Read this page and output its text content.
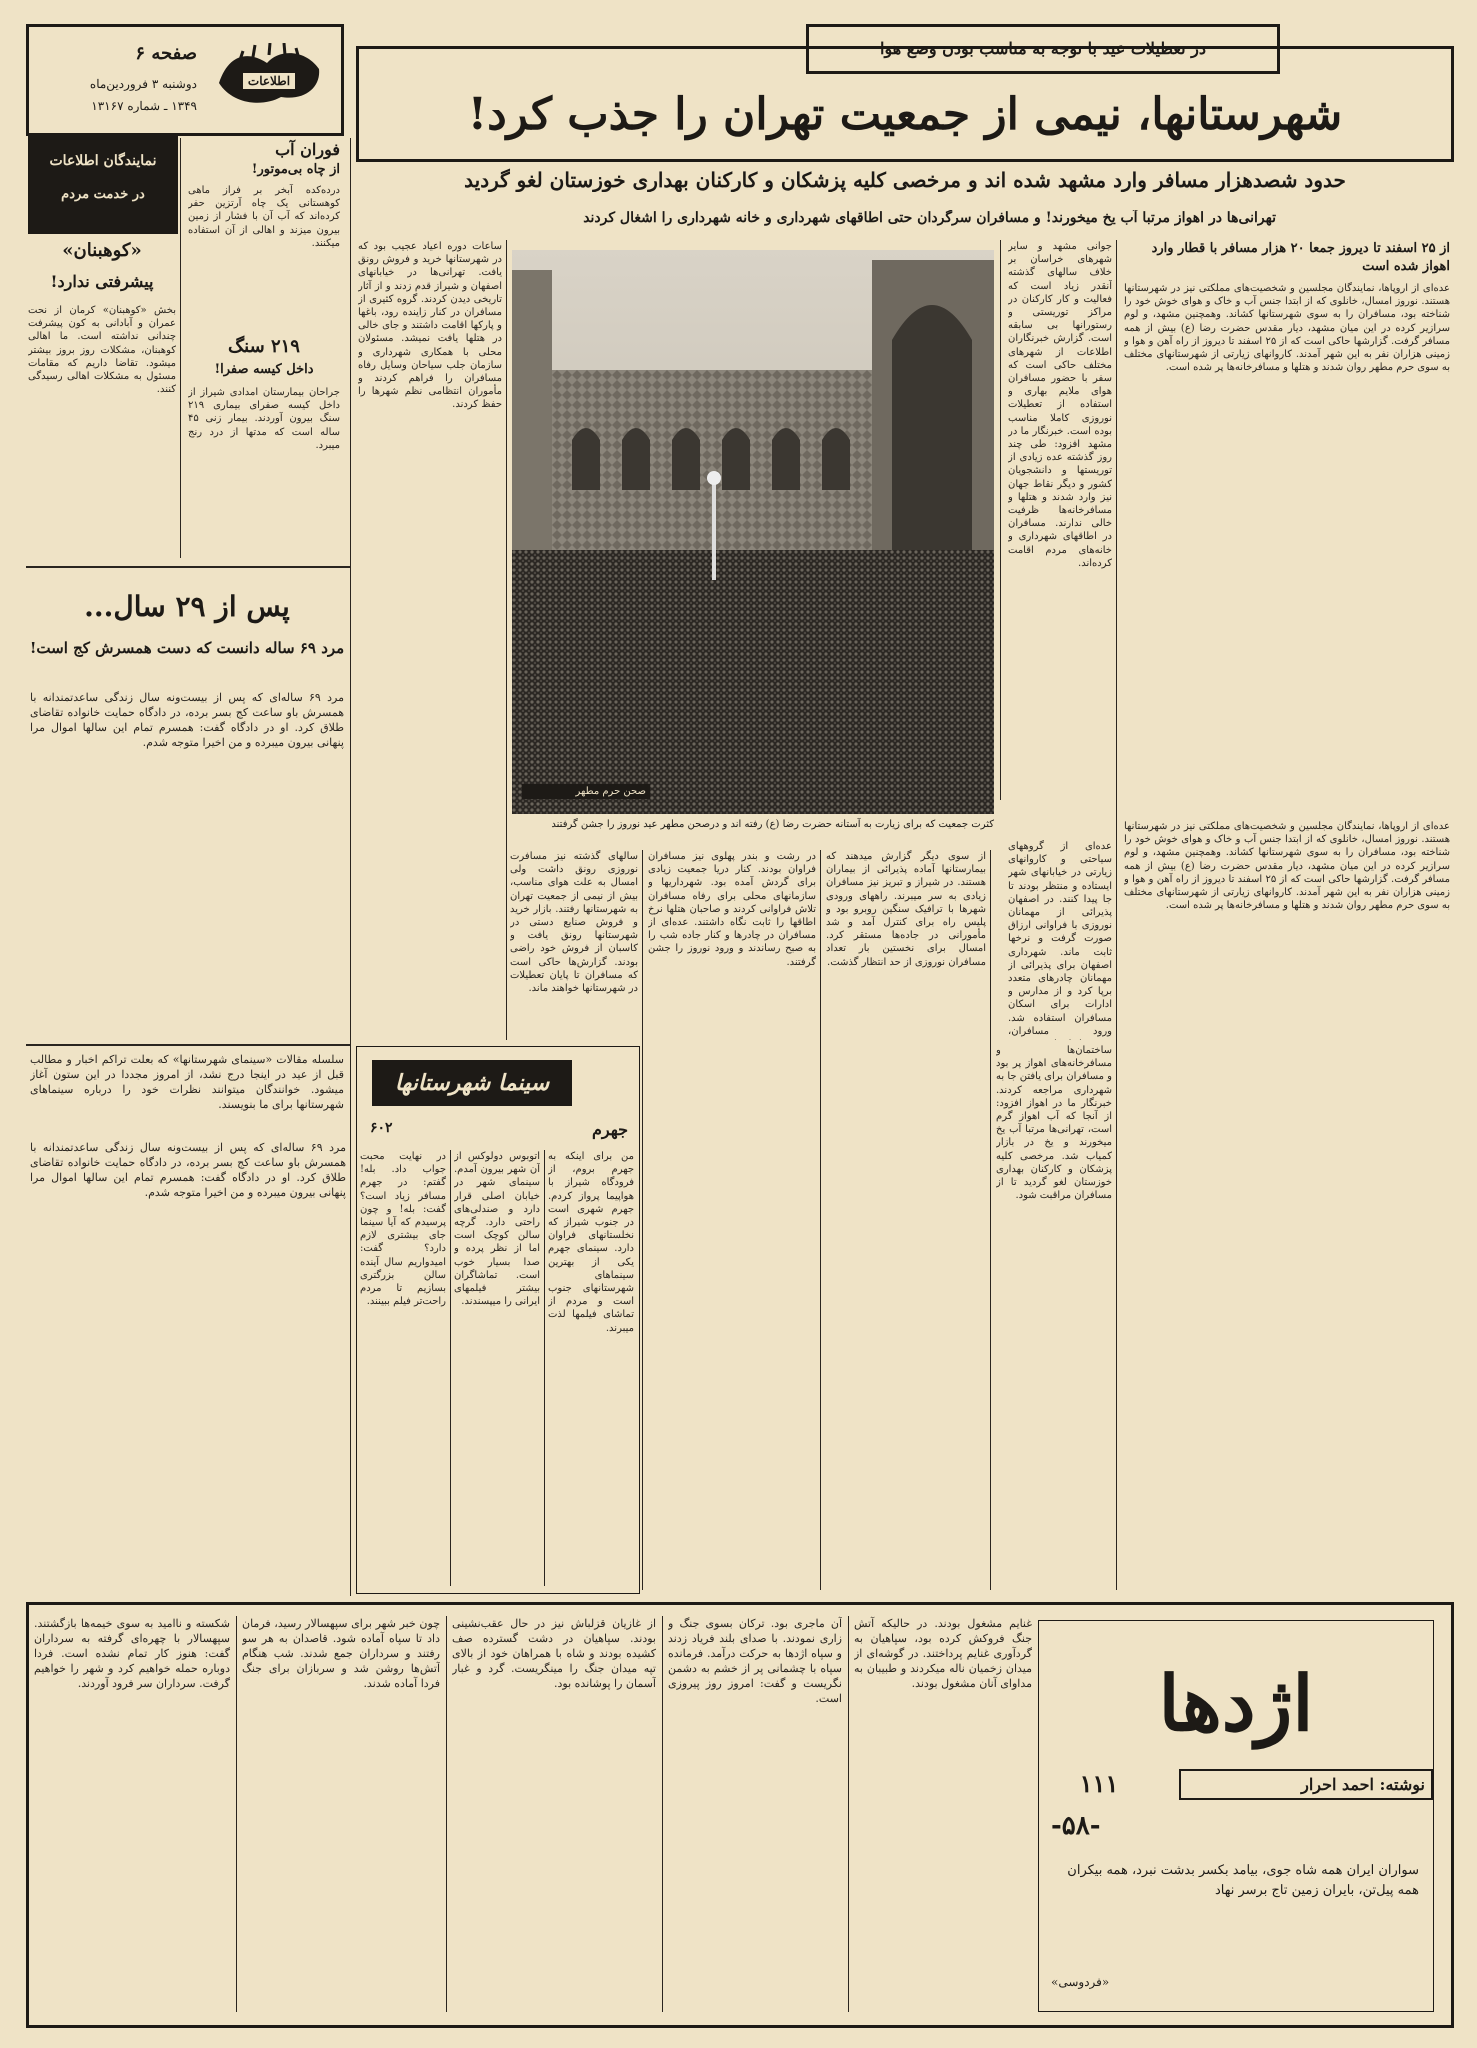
اطلاعات
صفحه ۶
دوشنبه ۳ فروردین‌ماه
۱۳۴۹ ـ شماره ۱۳۱۶۷
در تعطیلات عید با توجه به مناسب بودن وضع هوا
شهرستانها، نیمی از جمعیت تهران را جذب کرد!
حدود شصدهزار مسافر وارد مشهد شده اند و مرخصی کلیه پزشکان و کارکنان بهداری خوزستان لغو گردید
تهرانی‌ها در اهواز مرتبا آب یخ میخورند! و مسافران سرگردان حتی اطاقهای شهرداری و خانه شهرداری را اشغال کردند
فوران آب
از چاه بی‌موتور!
درده‌کده آبخر بر فراز ماهی کوهستانی یک چاه آرتزین حفر کرده‌اند که آب آن با فشار از زمین بیرون میزند و اهالی از آن استفاده میکنند.
نمایندگان اطلاعات
در خدمت مردم
«کوهبنان»
پیشرفتی ندارد!
بخش «کوهبنان» کرمان از نحت عمران و آبادانی به کون پیشرفت چندانی نداشته است. ما اهالی کوهبنان، مشکلات روز بروز بیشتر میشود. تقاضا داریم که مقامات مسئول به مشکلات اهالی رسیدگی کنند.
۲۱۹ سنگ
داخل کیسه صفرا!
جراحان بیمارستان امدادی شیراز از داخل کیسه صفرای بیماری ۲۱۹ سنگ بیرون آوردند. بیمار زنی ۴۵ ساله است که مدتها از درد رنج میبرد.
پس از ۲۹ سال...
مرد ۶۹ ساله دانست که دست همسرش کج است!
مرد ۶۹ ساله‌ای که پس از بیست‌ونه سال زندگی ساعدتمندانه با همسرش باو ساعت کج بسر برده، در دادگاه حمایت خانواده تقاضای طلاق کرد. او در دادگاه گفت: همسرم تمام این سالها اموال مرا پنهانی بیرون میبرده و من اخیرا متوجه شدم.
سلسله مقالات «سینمای شهرستانها» که بعلت تراکم اخبار و مطالب قبل از عید در اینجا درج نشد، از امروز مجددا در این ستون آغاز میشود. خوانندگان میتوانند نظرات خود را درباره سینماهای شهرستانها برای ما بنویسند.
از ۲۵ اسفند تا دیروز جمعا ۲۰ هزار مسافر با قطار وارد اهواز شده است
عده‌ای از اروپاها، نمایندگان مجلسین و شخصیت‌های مملکتی نیز در شهرستانها هستند. نوروز امسال، خانلوی که از ابتدا جنس آب و خاک و هوای خوش خود را شناخته بود، مسافران را به سوی شهرستانها کشاند. وهمچنین مشهد، و لوم سرازیر کرده در این میان مشهد، دیار مقدس حضرت رضا (ع) بیش از همه مسافر گرفت. گزارشها حاکی است که از ۲۵ اسفند تا دیروز از راه آهن و هوا و زمینی هزاران نفر به این شهر آمدند. کاروانهای زیارتی از شهرستانهای مختلف به سوی حرم مطهر روان شدند و هتلها و مسافرخانه‌ها پر شده است.
جوانی مشهد و سایر شهرهای خراسان بر خلاف سالهای گذشته آنقدر زیاد است که فعالیت و کار کارکنان در مراکز توریستی و رستورانها بی سابقه است. گزارش خبرنگاران اطلاعات از شهرهای مختلف حاکی است که سفر با حضور مسافران هوای ملایم بهاری و استفاده از تعطیلات نوروزی کاملا مناسب بوده است. خبرنگار ما در مشهد افزود: طی چند روز گذشته عده زیادی از توریستها و دانشجویان کشور و دیگر نقاط جهان نیز وارد شدند و هتلها و مسافرخانه‌ها ظرفیت خالی ندارند. مسافران در اطاقهای شهرداری و خانه‌های مردم اقامت کرده‌اند.
صحن حرم مطهر
کثرت جمعیت که برای زیارت به آستانه حضرت رضا (ع) رفته اند و درصحن مطهر عید نوروز را جشن گرفتند
ساعات دوره اعیاد عجیب بود که در شهرستانها خرید و فروش رونق یافت. تهرانی‌ها در خیابانهای اصفهان و شیراز قدم زدند و از آثار تاریخی دیدن کردند. گروه کثیری از مسافران در کنار زاینده رود، باغها و پارکها اقامت داشتند و جای خالی در هتلها یافت نمیشد. مسئولان محلی با همکاری شهرداری و سازمان جلب سیاحان وسایل رفاه مسافران را فراهم کردند و مأموران انتظامی نظم شهرها را حفظ کردند.
عده‌ای از گروههای سیاحتی و کاروانهای زیارتی در خیابانهای شهر ایستاده و منتظر بودند تا جا پیدا کنند. در اصفهان پذیرائی از مهمانان نوروزی با فراوانی ارزاق صورت گرفت و نرخها ثابت ماند. شهرداری اصفهان برای پذیرائی از مهمانان چادرهای متعدد برپا کرد و از مدارس و ادارات برای اسکان مسافران استفاده شد. ورود مسافران،
ساختمان‌ها و مسافرخانه‌های اهواز پر بود و مسافران برای یافتن جا به شهرداری مراجعه کردند. خبرنگار ما در اهواز افزود: از آنجا که آب اهواز گرم است، تهرانی‌ها مرتبا آب یخ میخورند و یخ در بازار کمیاب شد. مرخصی کلیه پزشکان و کارکنان بهداری خوزستان لغو گردید تا از مسافران مراقبت شود.
از سوی دیگر گزارش میدهند که بیمارستانها آماده پذیرائی از بیماران هستند. در شیراز و تبریز نیز مسافران زیادی به سر میبرند. راههای ورودی شهرها با ترافیک سنگین روبرو بود و پلیس راه برای کنترل آمد و شد مأمورانی در جاده‌ها مستقر کرد. امسال برای نخستین بار تعداد مسافران نوروزی از حد انتظار گذشت.
در رشت و بندر پهلوی نیز مسافران فراوان بودند. کنار دریا جمعیت زیادی برای گردش آمده بود. شهرداریها و سازمانهای محلی برای رفاه مسافران تلاش فراوانی کردند و صاحبان هتلها نرخ اطاقها را ثابت نگاه داشتند. عده‌ای از مسافران در چادرها و کنار جاده شب را به صبح رساندند و ورود نوروز را جشن گرفتند.
سالهای گذشته نیز مسافرت نوروزی رونق داشت ولی امسال به علت هوای مناسب، بیش از نیمی از جمعیت تهران به شهرستانها رفتند. بازار خرید و فروش صنایع دستی در شهرستانها رونق یافت و کاسبان از فروش خود راضی بودند. گزارش‌ها حاکی است که مسافران تا پایان تعطیلات در شهرستانها خواهند ماند.
عده‌ای از اروپاها، نمایندگان مجلسین و شخصیت‌های مملکتی نیز در شهرستانها هستند. نوروز امسال، خانلوی که از ابتدا جنس آب و خاک و هوای خوش خود را شناخته بود، مسافران را به سوی شهرستانها کشاند. وهمچنین مشهد، و لوم سرازیر کرده در این میان مشهد، دیار مقدس حضرت رضا (ع) بیش از همه مسافر گرفت. گزارشها حاکی است که از ۲۵ اسفند تا دیروز از راه آهن و هوا و زمینی هزاران نفر به این شهر آمدند. کاروانهای زیارتی از شهرستانهای مختلف به سوی حرم مطهر روان شدند و هتلها و مسافرخانه‌ها پر شده است.
سینما شهرستانها
جهرم
۶۰۲
من برای اینکه به جهرم بروم، از فرودگاه شیراز با هواپیما پرواز کردم. جهرم شهری است در جنوب شیراز که نخلستانهای فراوان دارد. سینمای جهرم یکی از بهترین سینماهای شهرستانهای جنوب است و مردم از تماشای فیلمها لذت میبرند.
اتوبوس دولوکس از آن شهر بیرون آمدم. سینمای شهر در خیابان اصلی قرار دارد و صندلی‌های راحتی دارد. گرچه سالن کوچک است اما از نظر پرده و صدا بسیار خوب است. تماشاگران بیشتر فیلمهای ایرانی را میپسندند.
در نهایت محبت جواب داد. بله! گفتم: در جهرم مسافر زیاد است؟ گفت: بله! و چون پرسیدم که آیا سینما جای بیشتری لازم دارد؟ گفت: امیدواریم سال آینده سالن بزرگتری بسازیم تا مردم راحت‌تر فیلم ببینند.
مرد ۶۹ ساله‌ای که پس از بیست‌ونه سال زندگی ساعدتمندانه با همسرش باو ساعت کج بسر برده، در دادگاه حمایت خانواده تقاضای طلاق کرد. او در دادگاه گفت: همسرم تمام این سالها اموال مرا پنهانی بیرون میبرده و من اخیرا متوجه شدم.
اژدها
۱۱۱	نوشته: احمد احرار
-۵۸-
سواران ایران همه شاه جوی، بیامد بکسر بدشت نبرد، همه بیکران همه پیل‌تن، بایران زمین تاج برسر نهاد
«فردوسی»
غنایم مشغول بودند. در حالیکه آتش جنگ فروکش کرده بود، سپاهیان به گردآوری غنایم پرداختند. در گوشه‌ای از میدان زخمیان ناله میکردند و طبیبان به مداوای آنان مشغول بودند.
آن ماجری بود. ترکان بسوی جنگ و زاری نمودند. با صدای بلند فریاد زدند و سپاه اژدها به حرکت درآمد. فرمانده سپاه با چشمانی پر از خشم به دشمن نگریست و گفت: امروز روز پیروزی است.
از غازیان قزلباش نیز در حال عقب‌نشینی بودند. سپاهیان در دشت گسترده صف کشیده بودند و شاه با همراهان خود از بالای تپه میدان جنگ را مینگریست. گرد و غبار آسمان را پوشانده بود.
چون خبر شهر برای سپهسالار رسید، فرمان داد تا سپاه آماده شود. قاصدان به هر سو رفتند و سرداران جمع شدند. شب هنگام آتش‌ها روشن شد و سربازان برای جنگ فردا آماده شدند.
شکسته و ناامید به سوی خیمه‌ها بازگشتند. سپهسالار با چهره‌ای گرفته به سرداران گفت: هنوز کار تمام نشده است. فردا دوباره حمله خواهیم کرد و شهر را خواهیم گرفت. سرداران سر فرود آوردند.
